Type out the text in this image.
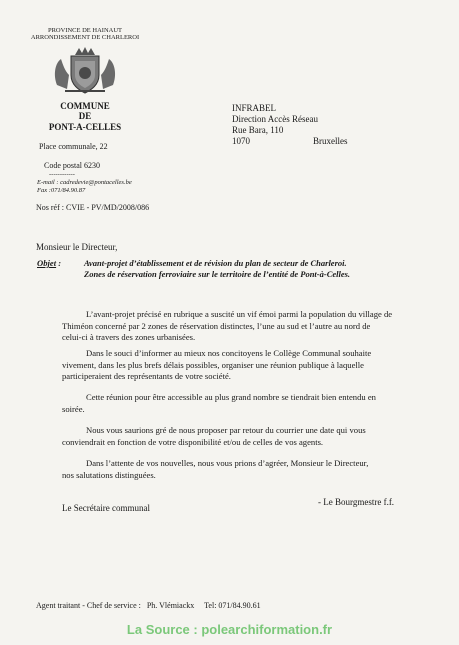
PROVINCE DE HAINAUT
ARRONDISSEMENT DE CHARLEROI
COMMUNE
DE
PONT-A-CELLES
Place communale, 22
Code postal 6230
------------
E-mail : cadredevie@pontacelles.be
Fax :071/84.90.87
Nos réf : CVIE - PV/MD/2008/086
INFRABEL
Direction Accès Réseau
Rue Bara, 110
1070	Bruxelles
Monsieur le Directeur,
Objet :	Avant-projet d’établissement et de révision du plan de secteur de Charleroi.
Zones de réservation ferroviaire sur le territoire de l’entité de Pont-à-Celles.
L’avant-projet précisé en rubrique a suscité un vif émoi parmi la population du village de
Thiméon concerné par 2 zones de réservation distinctes, l’une au sud et l’autre au nord de
celui-ci à travers des zones urbanisées.
Dans le souci d’informer au mieux nos concitoyens le Collège Communal souhaite
vivement, dans les plus brefs délais possibles, organiser une réunion publique à laquelle
participeraient des représentants de votre société.
Cette réunion pour être accessible au plus grand nombre se tiendrait bien entendu en
soirée.
Nous vous saurions gré de nous proposer par retour du courrier une date qui vous
conviendrait en fonction de votre disponibilité et/ou de celles de vos agents.
Dans l’attente de vos nouvelles, nous vous prions d’agréer, Monsieur le Directeur,
nos salutations distinguées.
Le Secrétaire communal
- Le Bourgmestre f.f.
Agent traitant - Chef de service :   Ph. Vlémiackx     Tel: 071/84.90.61
La Source : polearchiformation.fr
